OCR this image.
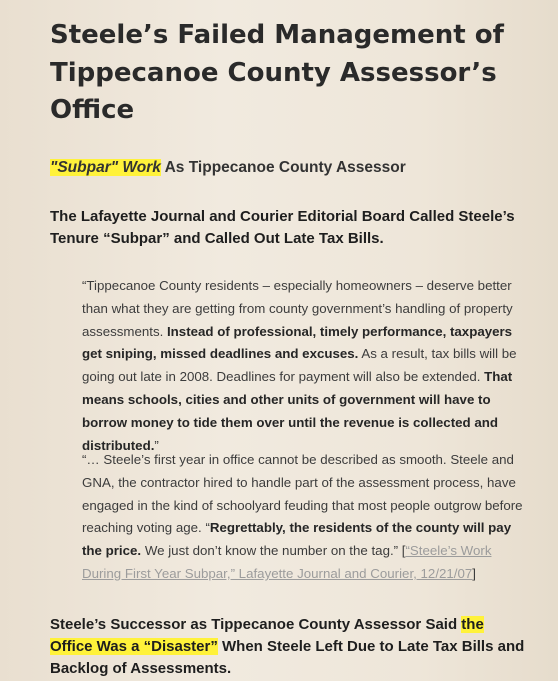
Steele’s Failed Management of Tippecanoe County Assessor’s Office
"Subpar" Work As Tippecanoe County Assessor
The Lafayette Journal and Courier Editorial Board Called Steele’s Tenure “Subpar” and Called Out Late Tax Bills.
“Tippecanoe County residents – especially homeowners – deserve better than what they are getting from county government’s handling of property assessments. Instead of professional, timely performance, taxpayers get sniping, missed deadlines and excuses. As a result, tax bills will be going out late in 2008. Deadlines for payment will also be extended. That means schools, cities and other units of government will have to borrow money to tide them over until the revenue is collected and distributed.”
“… Steele’s first year in office cannot be described as smooth. Steele and GNA, the contractor hired to handle part of the assessment process, have engaged in the kind of schoolyard feuding that most people outgrow before reaching voting age. “Regrettably, the residents of the county will pay the price. We just don’t know the number on the tag.” [“Steele’s Work During First Year Subpar,” Lafayette Journal and Courier, 12/21/07]
Steele’s Successor as Tippecanoe County Assessor Said the Office Was a “Disaster” When Steele Left Due to Late Tax Bills and Backlog of Assessments.
